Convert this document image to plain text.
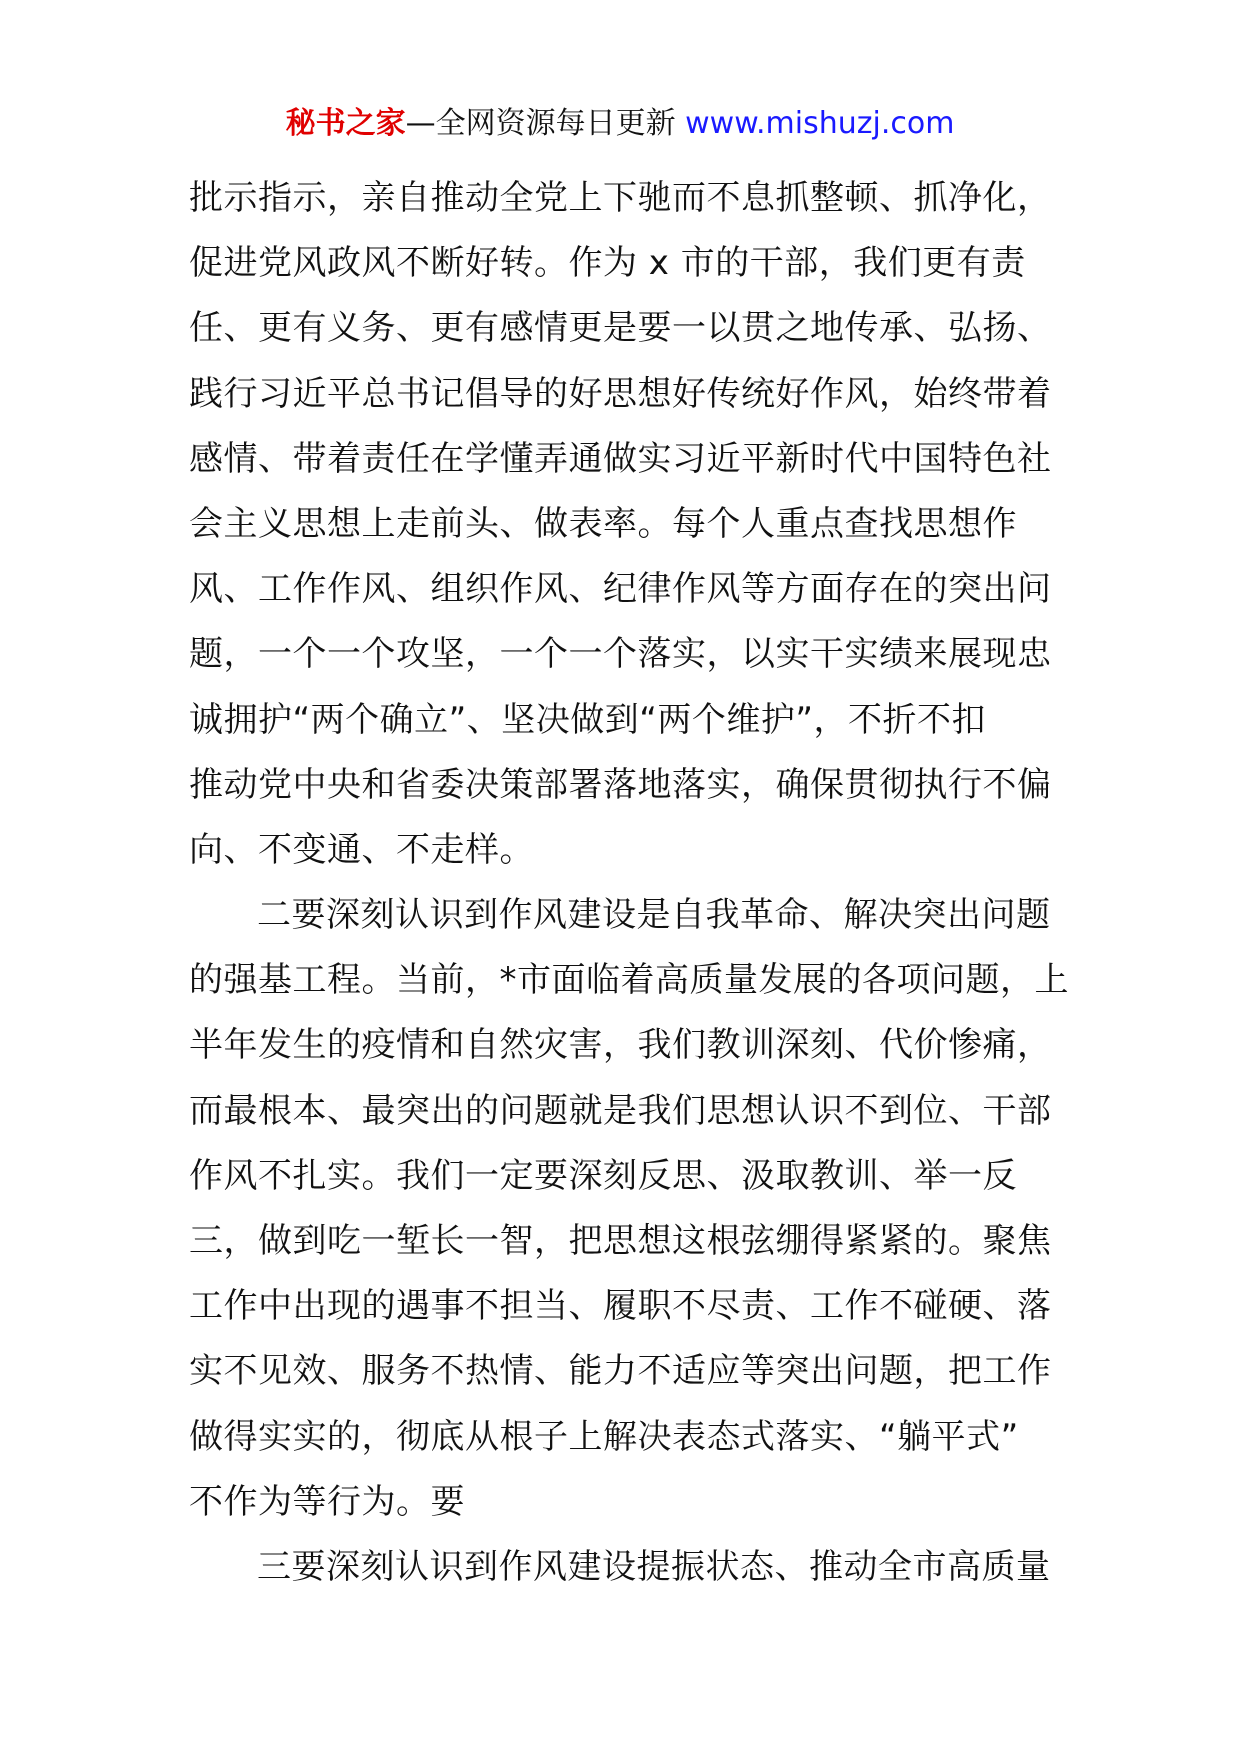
秘书之家—全网资源每日更新 www.mishuzj.com
批示指示，亲自推动全党上下驰而不息抓整顿、抓净化，
促进党风政风不断好转。作为 x 市的干部，我们更有责
任、更有义务、更有感情更是要一以贯之地传承、弘扬、
践行习近平总书记倡导的好思想好传统好作风，始终带着
感情、带着责任在学懂弄通做实习近平新时代中国特色社
会主义思想上走前头、做表率。每个人重点查找思想作
风、工作作风、组织作风、纪律作风等方面存在的突出问
题，一个一个攻坚，一个一个落实，以实干实绩来展现忠
诚拥护“两个确立”、坚决做到“两个维护”，不折不扣
推动党中央和省委决策部署落地落实，确保贯彻执行不偏
向、不变通、不走样。
二要深刻认识到作风建设是自我革命、解决突出问题
的强基工程。当前，*市面临着高质量发展的各项问题，上
半年发生的疫情和自然灾害，我们教训深刻、代价惨痛，
而最根本、最突出的问题就是我们思想认识不到位、干部
作风不扎实。我们一定要深刻反思、汲取教训、举一反
三，做到吃一堑长一智，把思想这根弦绷得紧紧的。聚焦
工作中出现的遇事不担当、履职不尽责、工作不碰硬、落
实不见效、服务不热情、能力不适应等突出问题，把工作
做得实实的，彻底从根子上解决表态式落实、“躺平式”
不作为等行为。要
三要深刻认识到作风建设提振状态、推动全市高质量
